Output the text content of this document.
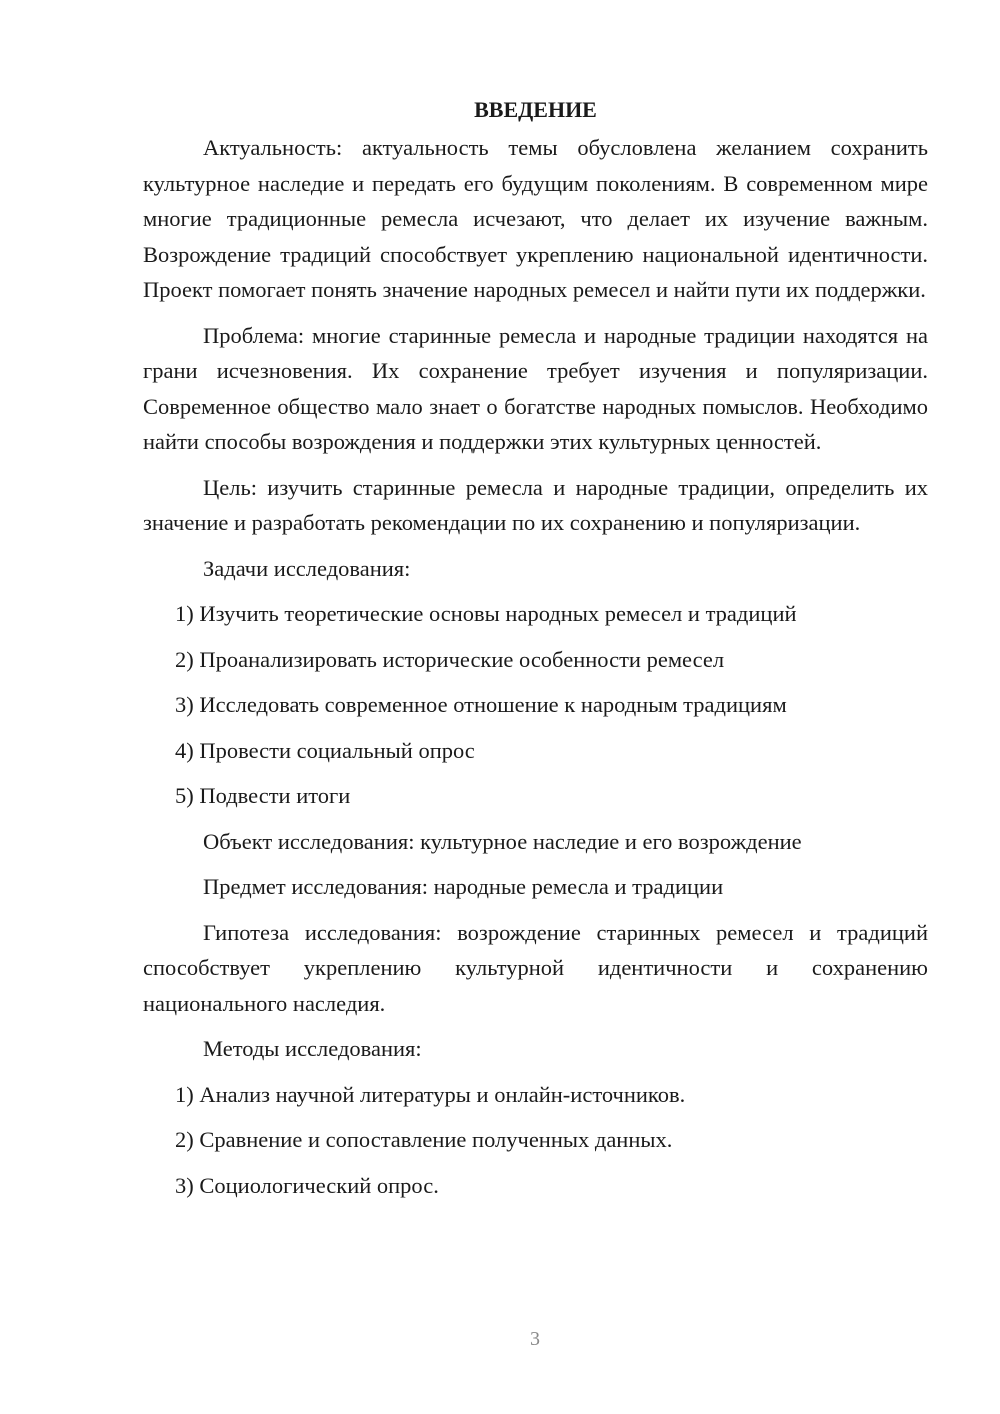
ВВЕДЕНИЕ

Актуальность: актуальность темы обусловлена желанием сохранить культурное наследие и передать его будущим поколениям. В современном мире многие традиционные ремесла исчезают, что делает их изучение важным. Возрождение традиций способствует укреплению национальной идентичности. Проект помогает понять значение народных ремесел и найти пути их поддержки.

Проблема: многие старинные ремесла и народные традиции находятся на грани исчезновения. Их сохранение требует изучения и популяризации. Современное общество мало знает о богатстве народных помыслов. Необходимо найти способы возрождения и поддержки этих культурных ценностей.

Цель: изучить старинные ремесла и народные традиции, определить их значение и разработать рекомендации по их сохранению и популяризации.

Задачи исследования:
1) Изучить теоретические основы народных ремесел и традиций
2) Проанализировать исторические особенности ремесел
3) Исследовать современное отношение к народным традициям
4) Провести социальный опрос
5) Подвести итоги
Объект исследования: культурное наследие и его возрождение
Предмет исследования: народные ремесла и традиции

Гипотеза исследования: возрождение старинных ремесел и традиций способствует укреплению культурной идентичности и сохранению национального наследия.

Методы исследования:
1) Анализ научной литературы и онлайн-источников.
2) Сравнение и сопоставление полученных данных.
3) Социологический опрос.
3
